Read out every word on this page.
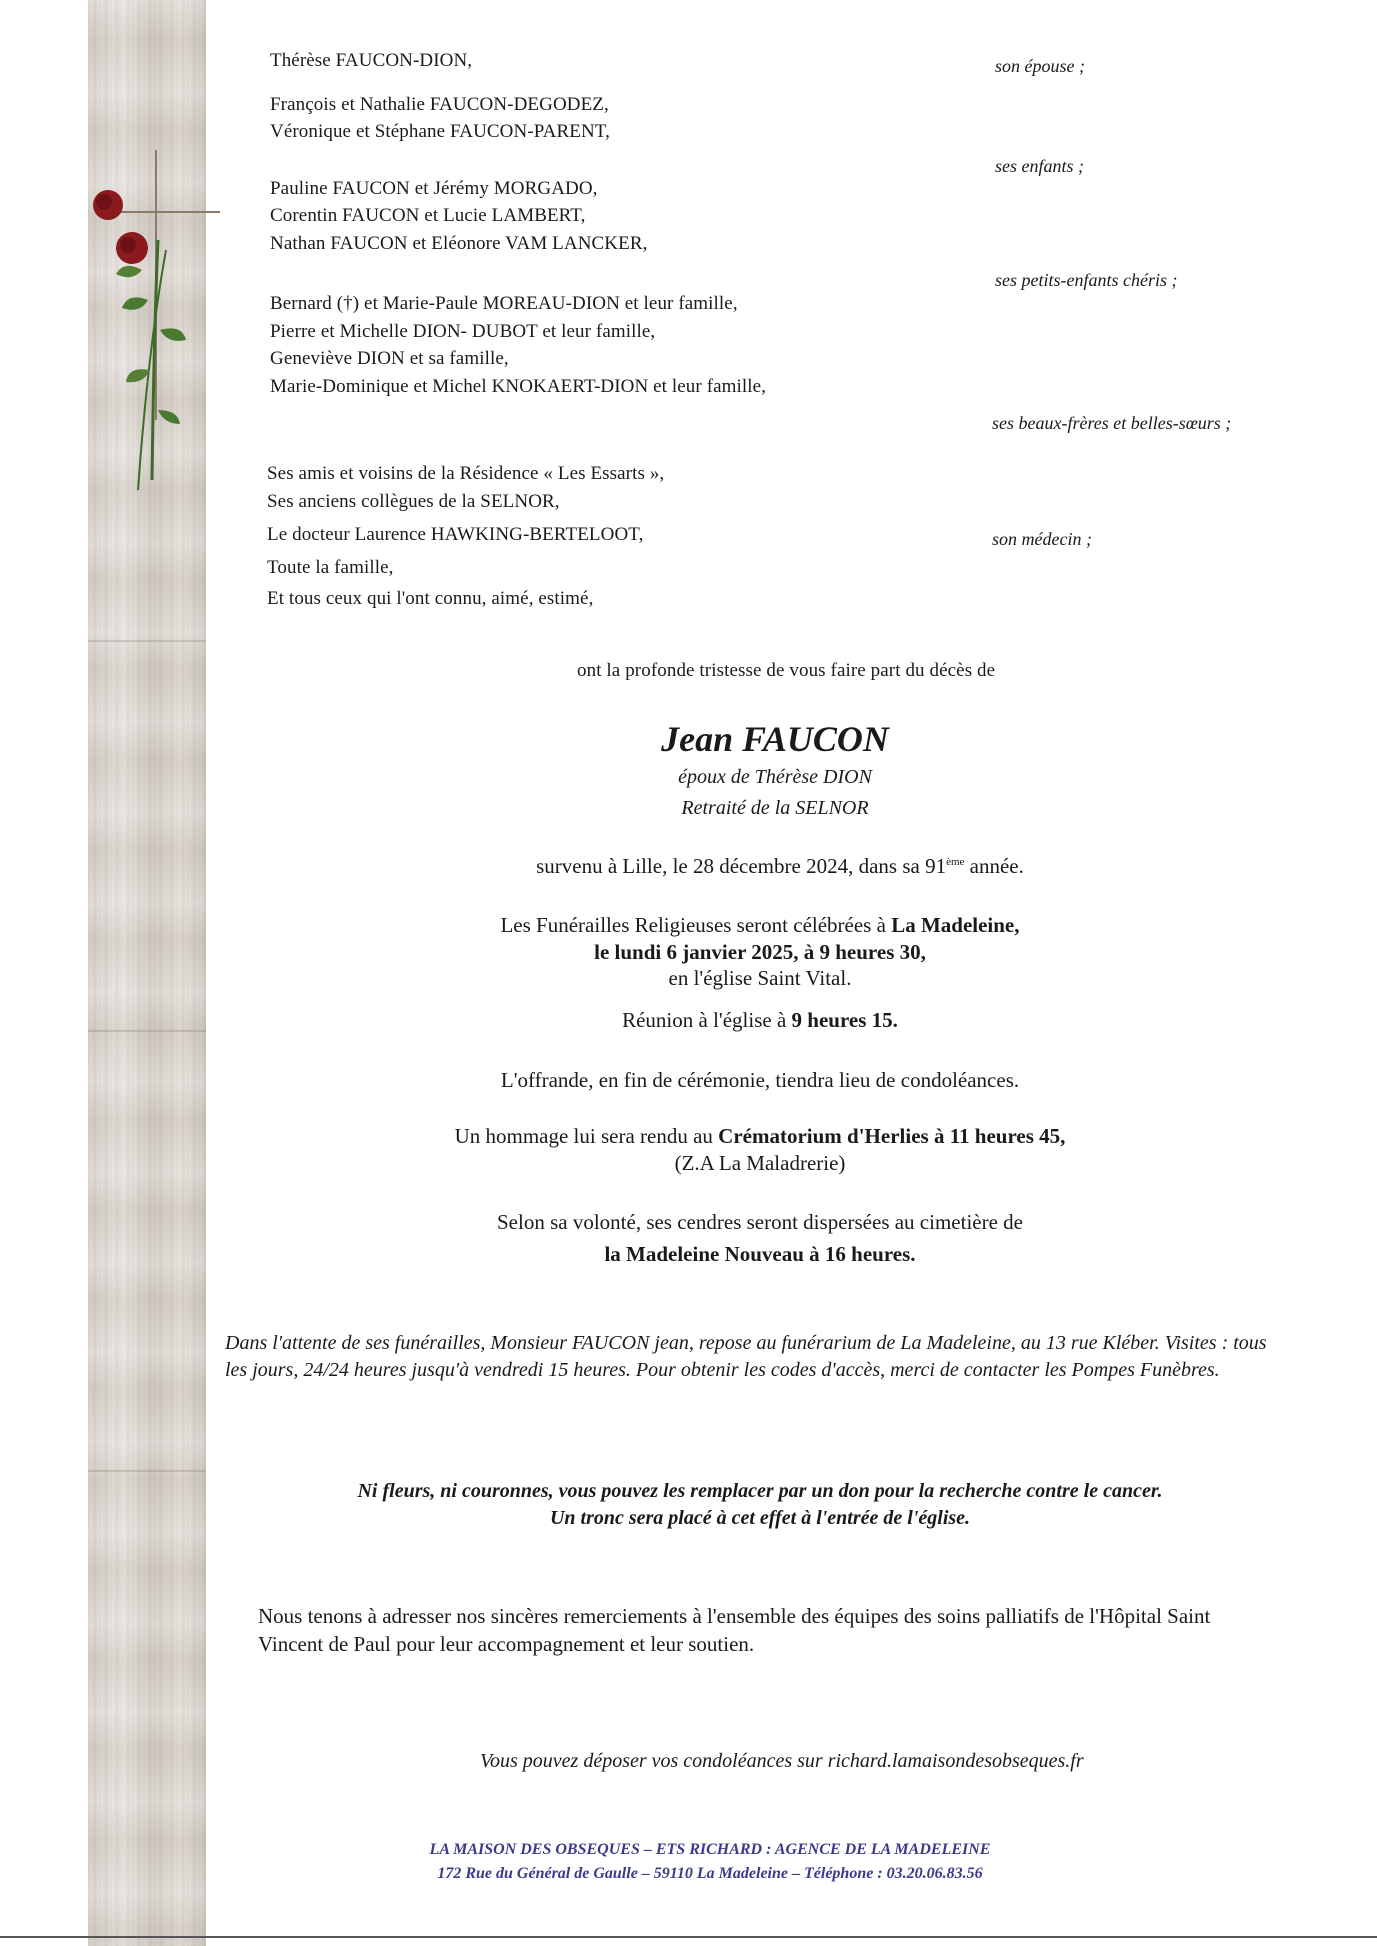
Thérèse FAUCON-DION,	son épouse ;
François et Nathalie FAUCON-DEGODEZ,
Véronique et Stéphane FAUCON-PARENT,
ses enfants ;
Pauline FAUCON et Jérémy MORGADO,
Corentin FAUCON et Lucie LAMBERT,
Nathan FAUCON et Eléonore VAM LANCKER,
ses petits-enfants chéris ;
Bernard (†) et Marie-Paule MOREAU-DION et leur famille,
Pierre et Michelle DION- DUBOT et leur famille,
Geneviève DION et sa famille,
Marie-Dominique et Michel KNOKAERT-DION et leur famille,
ses beaux-frères et belles-sœurs ;
Ses amis et voisins de la Résidence « Les Essarts »,
Ses anciens collègues de la SELNOR,
Le docteur Laurence HAWKING-BERTELOOT,	son médecin ;
Toute la famille,
Et tous ceux qui l'ont connu, aimé, estimé,
ont la profonde tristesse de vous faire part du décès de
Jean FAUCON
époux de Thérèse DION
Retraité de la SELNOR
survenu à Lille, le 28 décembre 2024, dans sa 91ème année.
Les Funérailles Religieuses seront célébrées à La Madeleine,
le lundi 6 janvier 2025, à 9 heures 30,
en l'église Saint Vital.
Réunion à l'église à 9 heures 15.
L'offrande, en fin de cérémonie, tiendra lieu de condoléances.
Un hommage lui sera rendu au Crématorium d'Herlies à 11 heures 45,
(Z.A La Maladrerie)
Selon sa volonté, ses cendres seront dispersées au cimetière de
la Madeleine Nouveau à 16 heures.
Dans l'attente de ses funérailles, Monsieur FAUCON jean, repose au funérarium de La Madeleine, au 13 rue Kléber. Visites : tous les jours, 24/24 heures jusqu'à vendredi 15 heures. Pour obtenir les codes d'accès, merci de contacter les Pompes Funèbres.
Ni fleurs, ni couronnes, vous pouvez les remplacer par un don pour la recherche contre le cancer.
Un tronc sera placé à cet effet à l'entrée de l'église.
Nous tenons à adresser nos sincères remerciements à l'ensemble des équipes des soins palliatifs de l'Hôpital Saint Vincent de Paul pour leur accompagnement et leur soutien.
Vous pouvez déposer vos condoléances sur richard.lamaisondesobseques.fr
LA MAISON DES OBSEQUES – ETS RICHARD : AGENCE DE LA MADELEINE
172 Rue du Général de Gaulle – 59110 La Madeleine – Téléphone : 03.20.06.83.56
